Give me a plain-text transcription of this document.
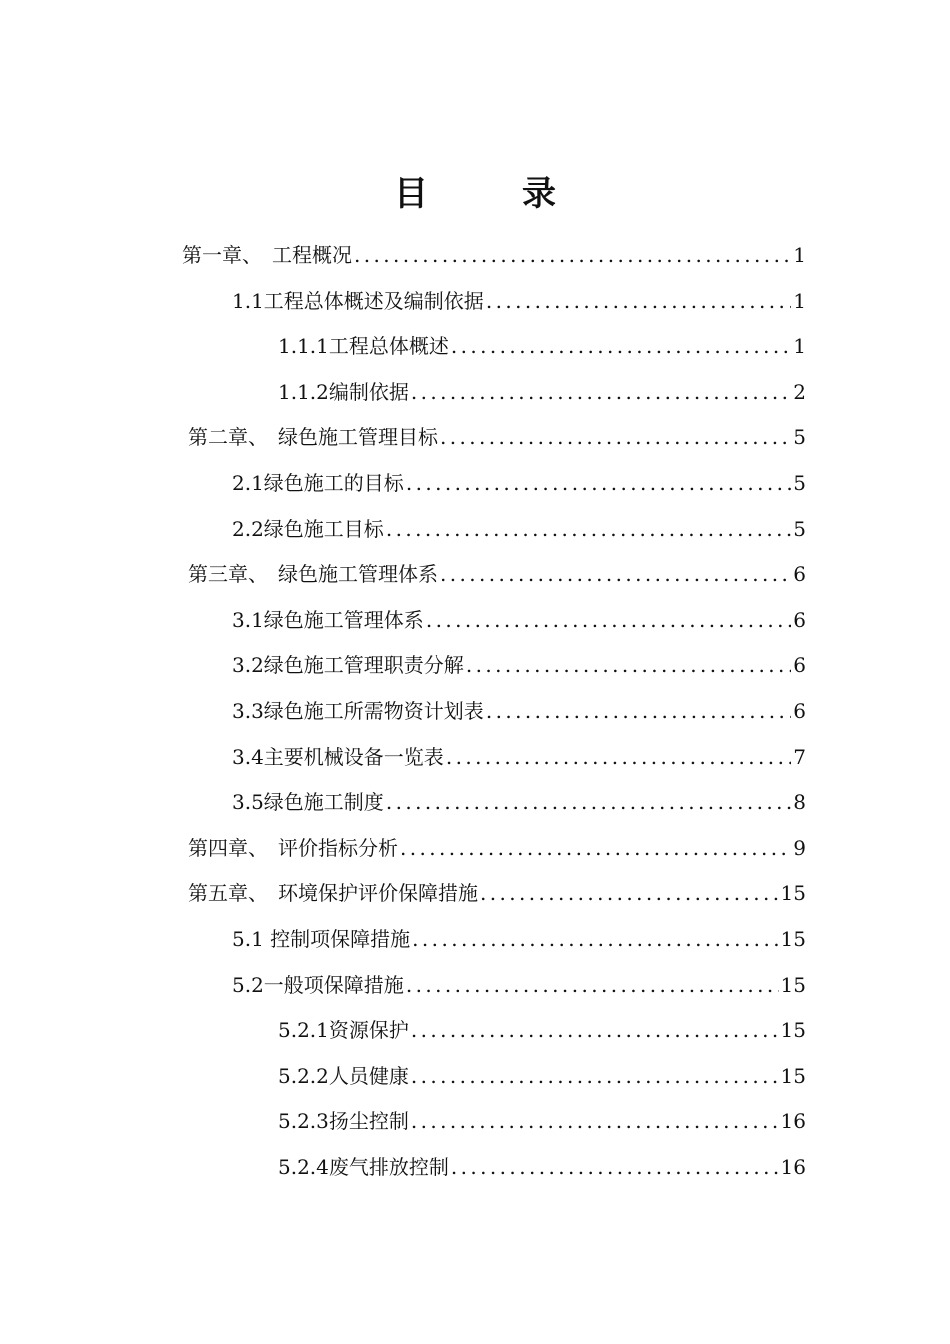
目　录
第一章、　工程概况 .....	1
1.1工程总体概述及编制依据 .....	1
1.1.1工程总体概述 .....	1
1.1.2编制依据 .....	2
第二章、　绿色施工管理目标 .....	5
2.1绿色施工的目标 .....	5
2.2绿色施工目标 .....	5
第三章、　绿色施工管理体系 .....	6
3.1绿色施工管理体系 .....	6
3.2绿色施工管理职责分解 .....	6
3.3绿色施工所需物资计划表 .....	6
3.4主要机械设备一览表 .....	7
3.5绿色施工制度 .....	8
第四章、　评价指标分析 .....	9
第五章、　环境保护评价保障措施 .....	15
5.1 控制项保障措施 .....	15
5.2一般项保障措施 .....	15
5.2.1资源保护 .....	15
5.2.2人员健康 .....	15
5.2.3扬尘控制 .....	16
5.2.4废气排放控制 .....	16
